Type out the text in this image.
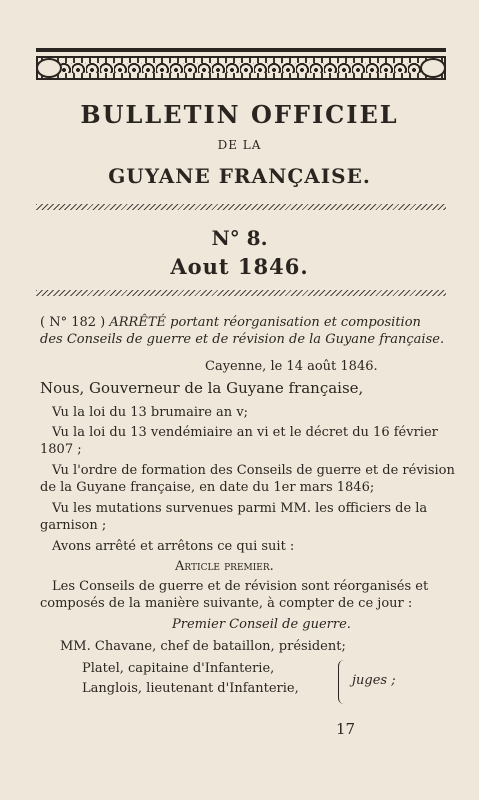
BULLETIN OFFICIEL
DE LA
GUYANE FRANÇAISE.
N° 8.
Aout 1846.
( N° 182 ) ARRÊTÉ portant réorganisation et composition
des Conseils de guerre et de révision de la Guyane française.
Cayenne, le 14 août 1846.
Nous, Gouverneur de la Guyane française,
Vu la loi du 13 brumaire an v;
Vu la loi du 13 vendémiaire an vi et le décret du 16 février
1807 ;
Vu l'ordre de formation des Conseils de guerre et de révision
de la Guyane française, en date du 1er mars 1846;
Vu les mutations survenues parmi MM. les officiers de la
garnison ;
Avons arrêté et arrêtons ce qui suit :
Article premier.
Les Conseils de guerre et de révision sont réorganisés et
composés de la manière suivante, à compter de ce jour :
Premier Conseil de guerre.
MM. Chavane, chef de bataillon, président;
Platel, capitaine d'Infanterie,
Langlois, lieutenant d'Infanterie,
juges ;
17
